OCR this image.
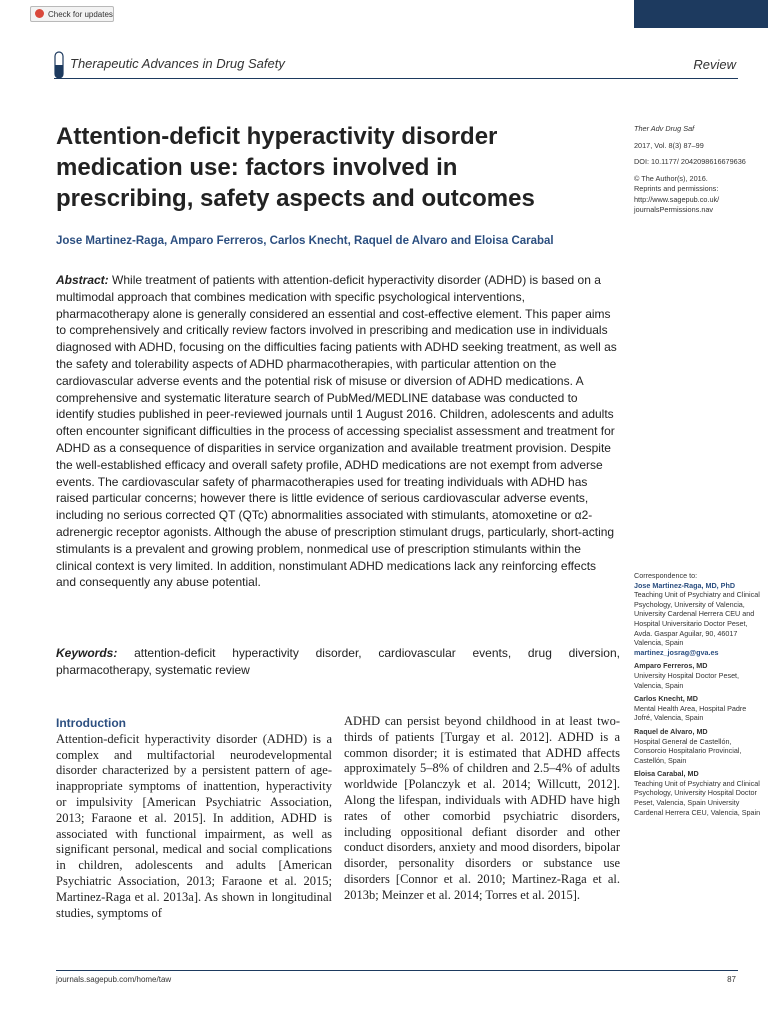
Check for updates
Therapeutic Advances in Drug Safety	Review
Attention-deficit hyperactivity disorder medication use: factors involved in prescribing, safety aspects and outcomes
Jose Martinez-Raga, Amparo Ferreros, Carlos Knecht, Raquel de Alvaro and Eloisa Carabal

Ther Adv Drug Saf

2017, Vol. 8(3) 87–99

DOI: 10.1177/ 2042098616679636

© The Author(s), 2016.
Reprints and permissions: http://www.sagepub.co.uk/ journalsPermissions.nav

Abstract: While treatment of patients with attention-deficit hyperactivity disorder (ADHD) is based on a multimodal approach that combines medication with specific psychological interventions, pharmacotherapy alone is generally considered an essential and cost-effective element. This paper aims to comprehensively and critically review factors involved in prescribing and medication use in individuals diagnosed with ADHD, focusing on the difficulties facing patients with ADHD seeking treatment, as well as the safety and tolerability aspects of ADHD pharmacotherapies, with particular attention on the cardiovascular adverse events and the potential risk of misuse or diversion of ADHD medications. A comprehensive and systematic literature search of PubMed/MEDLINE database was conducted to identify studies published in peer-reviewed journals until 1 August 2016. Children, adolescents and adults often encounter significant difficulties in the process of accessing specialist assessment and treatment for ADHD as a consequence of disparities in service organization and available treatment provision. Despite the well-established efficacy and overall safety profile, ADHD medications are not exempt from adverse events. The cardiovascular safety of pharmacotherapies used for treating individuals with ADHD has raised particular concerns; however there is little evidence of serious cardiovascular adverse events, including no serious corrected QT (QTc) abnormalities associated with stimulants, atomoxetine or α2-adrenergic receptor agonists. Although the abuse of prescription stimulant drugs, particularly, short-acting stimulants is a prevalent and growing problem, nonmedical use of prescription stimulants within the clinical context is very limited. In addition, nonstimulant ADHD medications lack any reinforcing effects and consequently any abuse potential.

Keywords: attention-deficit hyperactivity disorder, cardiovascular events, drug diversion, pharmacotherapy, systematic review

Introduction

Attention-deficit hyperactivity disorder (ADHD) is a complex and multifactorial neurodevelopmental disorder characterized by a persistent pattern of age-inappropriate symptoms of inattention, hyperactivity or impulsivity [American Psychiatric Association, 2013; Faraone et al. 2015]. In addition, ADHD is associated with functional impairment, as well as significant personal, medical and social complications in children, adolescents and adults [American Psychiatric Association, 2013; Faraone et al. 2015; Martinez-Raga et al. 2013a]. As shown in longitudinal studies, symptoms of

ADHD can persist beyond childhood in at least two-thirds of patients [Turgay et al. 2012]. ADHD is a common disorder; it is estimated that ADHD affects approximately 5–8% of children and 2.5–4% of adults worldwide [Polanczyk et al. 2014; Willcutt, 2012]. Along the lifespan, individuals with ADHD have high rates of other comorbid psychiatric disorders, including oppositional defiant disorder and other conduct disorders, anxiety and mood disorders, bipolar disorder, personality disorders or substance use disorders [Connor et al. 2010; Martinez-Raga et al. 2013b; Meinzer et al. 2014; Torres et al. 2015].

Correspondence to:
Jose Martinez-Raga, MD, PhD
Teaching Unit of Psychiatry and Clinical Psychology, University of Valencia, University Cardenal Herrera CEU and Hospital Universitario Doctor Peset, Avda. Gaspar Aguilar, 90, 46017 Valencia, Spain
martinez_josrag@gva.es

Amparo Ferreros, MD
University Hospital Doctor Peset, Valencia, Spain

Carlos Knecht, MD
Mental Health Area, Hospital Padre Jofré, Valencia, Spain

Raquel de Alvaro, MD
Hospital General de Castellón, Consorcio Hospitalario Provincial, Castellón, Spain

Eloisa Carabal, MD
Teaching Unit of Psychiatry and Clinical Psychology, University Hospital Doctor Peset, Valencia, Spain University Cardenal Herrera CEU, Valencia, Spain

journals.sagepub.com/home/taw	87
